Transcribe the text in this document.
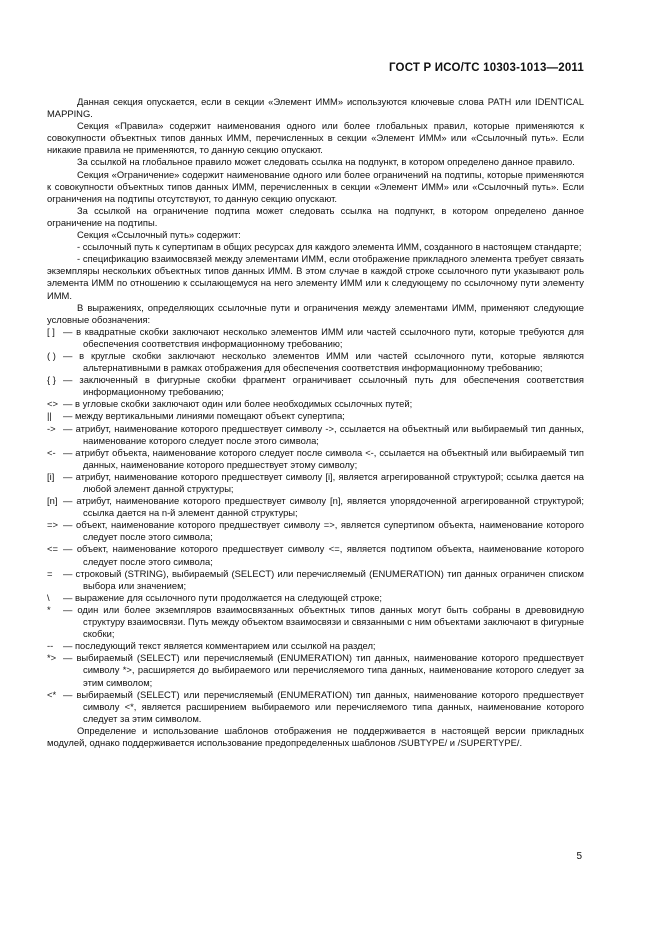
ГОСТ Р ИСО/ТС 10303-1013—2011

Данная секция опускается, если в секции «Элемент ИММ» используются ключевые слова PATH или IDENTICAL MAPPING.

Секция «Правила» содержит наименования одного или более глобальных правил, которые применяются к совокупности объектных типов данных ИММ, перечисленных в секции «Элемент ИММ» или «Ссылочный путь». Если никакие правила не применяются, то данную секцию опускают.

За ссылкой на глобальное правило может следовать ссылка на подпункт, в котором определено данное правило.

Секция «Ограничение» содержит наименование одного или более ограничений на подтипы, которые применяются к совокупности объектных типов данных ИММ, перечисленных в секции «Элемент ИММ» или «Ссылочный путь». Если ограничения на подтипы отсутствуют, то данную секцию опускают.

За ссылкой на ограничение подтипа может следовать ссылка на подпункт, в котором определено данное ограничение на подтипы.

Секция «Ссылочный путь» содержит:

- ссылочный путь к супертипам в общих ресурсах для каждого элемента ИММ, созданного в настоящем стандарте;

- спецификацию взаимосвязей между элементами ИММ, если отображение прикладного элемента требует связать экземпляры нескольких объектных типов данных ИММ. В этом случае в каждой строке ссылочного пути указывают роль элемента ИММ по отношению к ссылающемуся на него элементу ИММ или к следующему по ссылочному пути элементу ИММ.

В выражениях, определяющих ссылочные пути и ограничения между элементами ИММ, применяют следующие условные обозначения:

[ ]	— в квадратные скобки заключают несколько элементов ИММ или частей ссылочного пути, которые требуются для обеспечения соответствия информационному требованию;
( )	— в круглые скобки заключают несколько элементов ИММ или частей ссылочного пути, которые являются альтернативными в рамках отображения для обеспечения соответствия информационному требованию;
{ }	— заключенный в фигурные скобки фрагмент ограничивает ссылочный путь для обеспечения соответствия информационному требованию;
<>	— в угловые скобки заключают один или более необходимых ссылочных путей;
||	— между вертикальными линиями помещают объект супертипа;
->	— атрибут, наименование которого предшествует символу ->, ссылается на объектный или выбираемый тип данных, наименование которого следует после этого символа;
<-	— атрибут объекта, наименование которого следует после символа <-, ссылается на объектный или выбираемый тип данных, наименование которого предшествует этому символу;
[i]	— атрибут, наименование которого предшествует символу [i], является агрегированной структурой; ссылка дается на любой элемент данной структуры;
[n]	— атрибут, наименование которого предшествует символу [n], является упорядоченной агрегированной структурой; ссылка дается на n-й элемент данной структуры;
=>	— объект, наименование которого предшествует символу =>, является супертипом объекта, наименование которого следует после этого символа;
<=	— объект, наименование которого предшествует символу <=, является подтипом объекта, наименование которого следует после этого символа;
=	— строковый (STRING), выбираемый (SELECT) или перечисляемый (ENUMERATION) тип данных ограничен списком выбора или значением;
\	— выражение для ссылочного пути продолжается на следующей строке;
*	— один или более экземпляров взаимосвязанных объектных типов данных могут быть собраны в древовидную структуру взаимосвязи. Путь между объектом взаимосвязи и связанными с ним объектами заключают в фигурные скобки;
--	— последующий текст является комментарием или ссылкой на раздел;
*>	— выбираемый (SELECT) или перечисляемый (ENUMERATION) тип данных, наименование которого предшествует символу *>, расширяется до выбираемого или перечисляемого типа данных, наименование которого следует за этим символом;
<*	— выбираемый (SELECT) или перечисляемый (ENUMERATION) тип данных, наименование которого предшествует символу <*, является расширением выбираемого или перечисляемого типа данных, наименование которого следует за этим символом.

Определение и использование шаблонов отображения не поддерживается в настоящей версии прикладных модулей, однако поддерживается использование предопределенных шаблонов /SUBTYPE/ и /SUPERTYPE/.

5
